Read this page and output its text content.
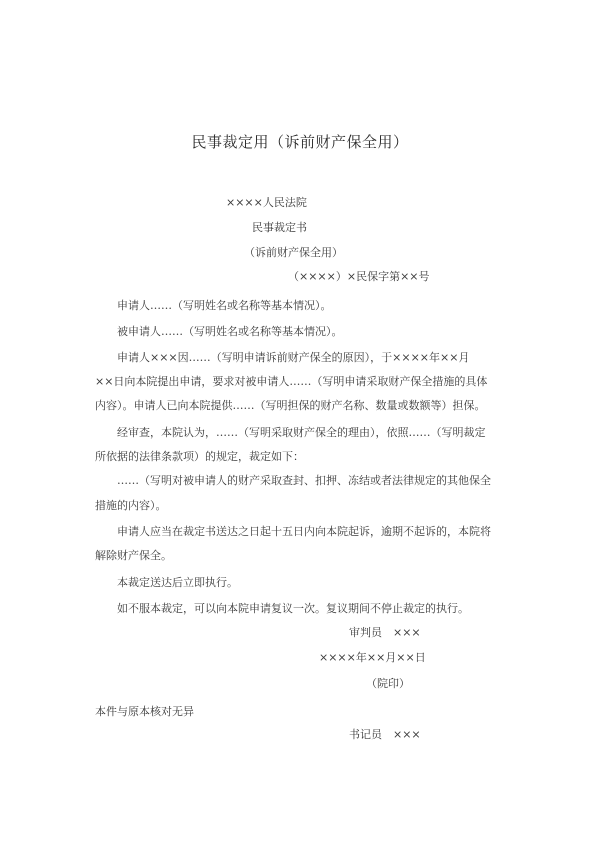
民事裁定用（诉前财产保全用）
××××人民法院
民事裁定书
（诉前财产保全用）
（××××）×民保字第××号
　　申请人……（写明姓名或名称等基本情况）。
　　被申请人……（写明姓名或名称等基本情况）。
　　申请人×××因……（写明申请诉前财产保全的原因），于××××年××月
××日向本院提出申请，要求对被申请人……（写明申请采取财产保全措施的具体
内容）。申请人已向本院提供……（写明担保的财产名称、数量或数额等）担保。
　　经审查，本院认为，……（写明采取财产保全的理由），依照……（写明裁定
所依据的法律条款项）的规定，裁定如下：
　　……（写明对被申请人的财产采取查封、扣押、冻结或者法律规定的其他保全
措施的内容）。
　　申请人应当在裁定书送达之日起十五日内向本院起诉，逾期不起诉的，本院将
解除财产保全。
　　本裁定送达后立即执行。
　　如不服本裁定，可以向本院申请复议一次。复议期间不停止裁定的执行。
审判员　×××
××××年××月××日
（院印）
本件与原本核对无异
书记员　×××
